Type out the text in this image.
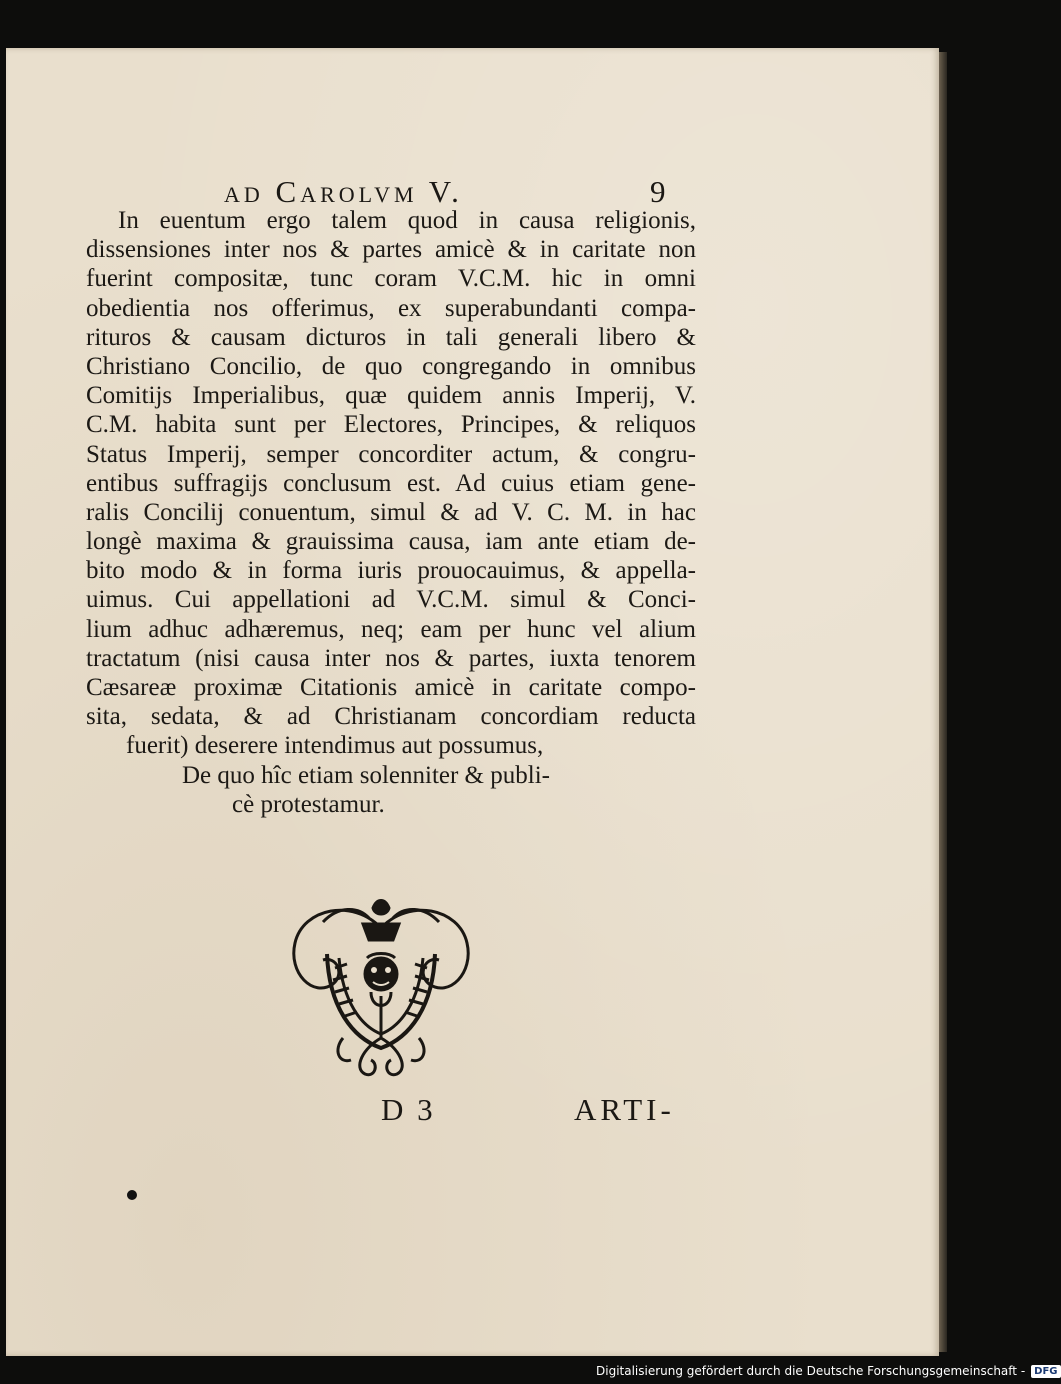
ad Carolvm V.	9
In euentum ergo talem quod in causa religionis,
dissensiones inter nos & partes amicè & in caritate non
fuerint compositæ, tunc coram V.C.M. hic in omni
obedientia nos offerimus, ex superabundanti compa-
rituros & causam dicturos in tali generali libero &
Christiano Concilio, de quo congregando in omnibus
Comitijs Imperialibus, quæ quidem annis Imperij, V.
C.M. habita sunt per Electores, Principes, & reliquos
Status Imperij, semper concorditer actum, & congru-
entibus suffragijs conclusum est. Ad cuius etiam gene-
ralis Concilij conuentum, simul & ad V. C. M. in hac
longè maxima & grauissima causa, iam ante etiam de-
bito modo & in forma iuris prouocauimus, & appella-
uimus. Cui appellationi ad V.C.M. simul & Conci-
lium adhuc adhæremus, neq; eam per hunc vel alium
tractatum (nisi causa inter nos & partes, iuxta tenorem
Cæsareæ proximæ Citationis amicè in caritate compo-
sita, sedata, & ad Christianam concordiam reducta
fuerit) deserere intendimus aut possumus,
De quo hîc etiam solenniter & publi-
cè protestamur.
D 3	ARTI-
Digitalisierung gefördert durch die Deutsche Forschungsgemeinschaft - DFG
